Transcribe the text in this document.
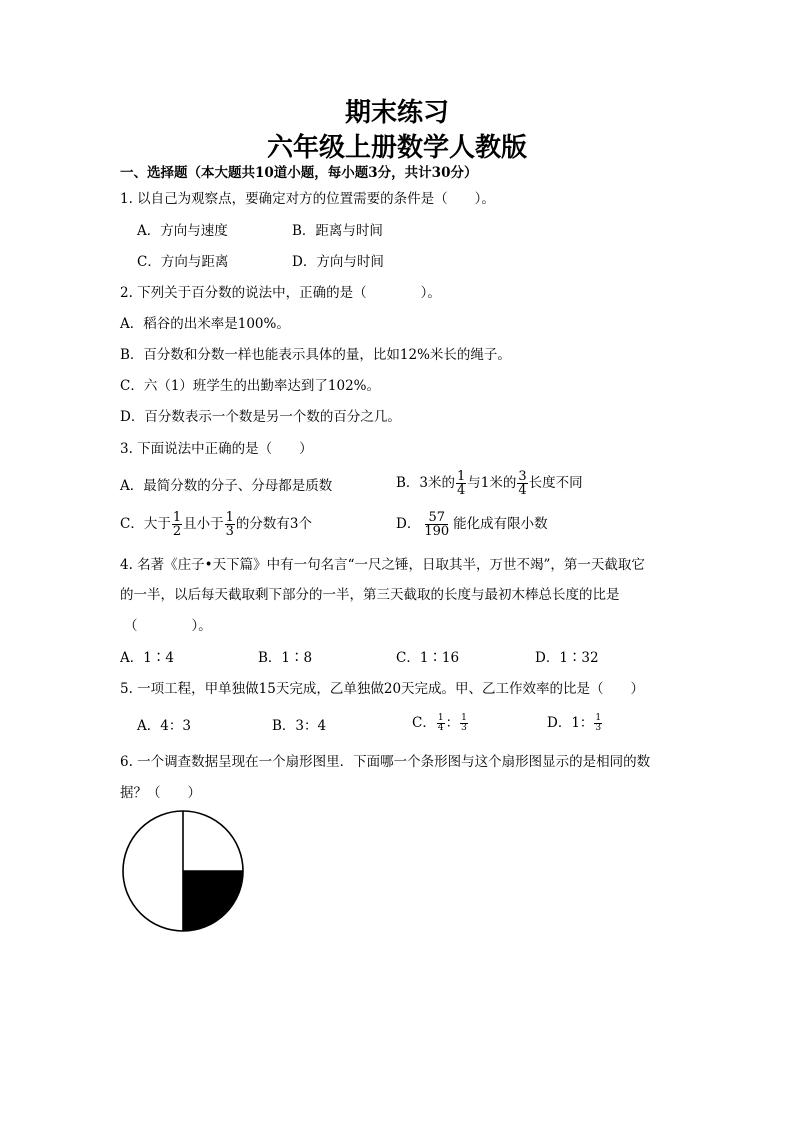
期末练习
六年级上册数学人教版
一、选择题（本大题共10道小题，每小题3分，共计30分）
1. 以自己为观察点，要确定对方的位置需要的条件是（　　）。
A．方向与速度	B．距离与时间
C．方向与距离	D．方向与时间
2. 下列关于百分数的说法中，正确的是（　　　　）。
A．稻谷的出米率是100%。
B．百分数和分数一样也能表示具体的量，比如12%米长的绳子。
C．六（1）班学生的出勤率达到了102%。
D．百分数表示一个数是另一个数的百分之几。
3. 下面说法中正确的是（　　）
A．最简分数的分子、分母都是质数	B．3米的 $\frac{1}{4}$ 与1米的 $\frac{3}{4}$ 长度不同
C．大于 $\frac{1}{2}$ 且小于 $\frac{1}{3}$ 的分数有3个	D． $\frac{57}{190}$ 能化成有限小数
4. 名著《庄子•天下篇》中有一句名言“一尺之锤，日取其半，万世不竭”，第一天截取它
的一半，以后每天截取剩下部分的一半，第三天截取的长度与最初木棒总长度的比是
（　　　　）。
A．1∶4	B．1∶8	C．1∶16	D．1∶32
5. 一项工程，甲单独做15天完成，乙单独做20天完成。甲、乙工作效率的比是（　　）
A．4：3	B．3：4	C． $\frac{1}{4}$ ： $\frac{1}{3}$	D．1： $\frac{1}{3}$
6. 一个调查数据呈现在一个扇形图里．下面哪一个条形图与这个扇形图显示的是相同的数
据？（　　）
